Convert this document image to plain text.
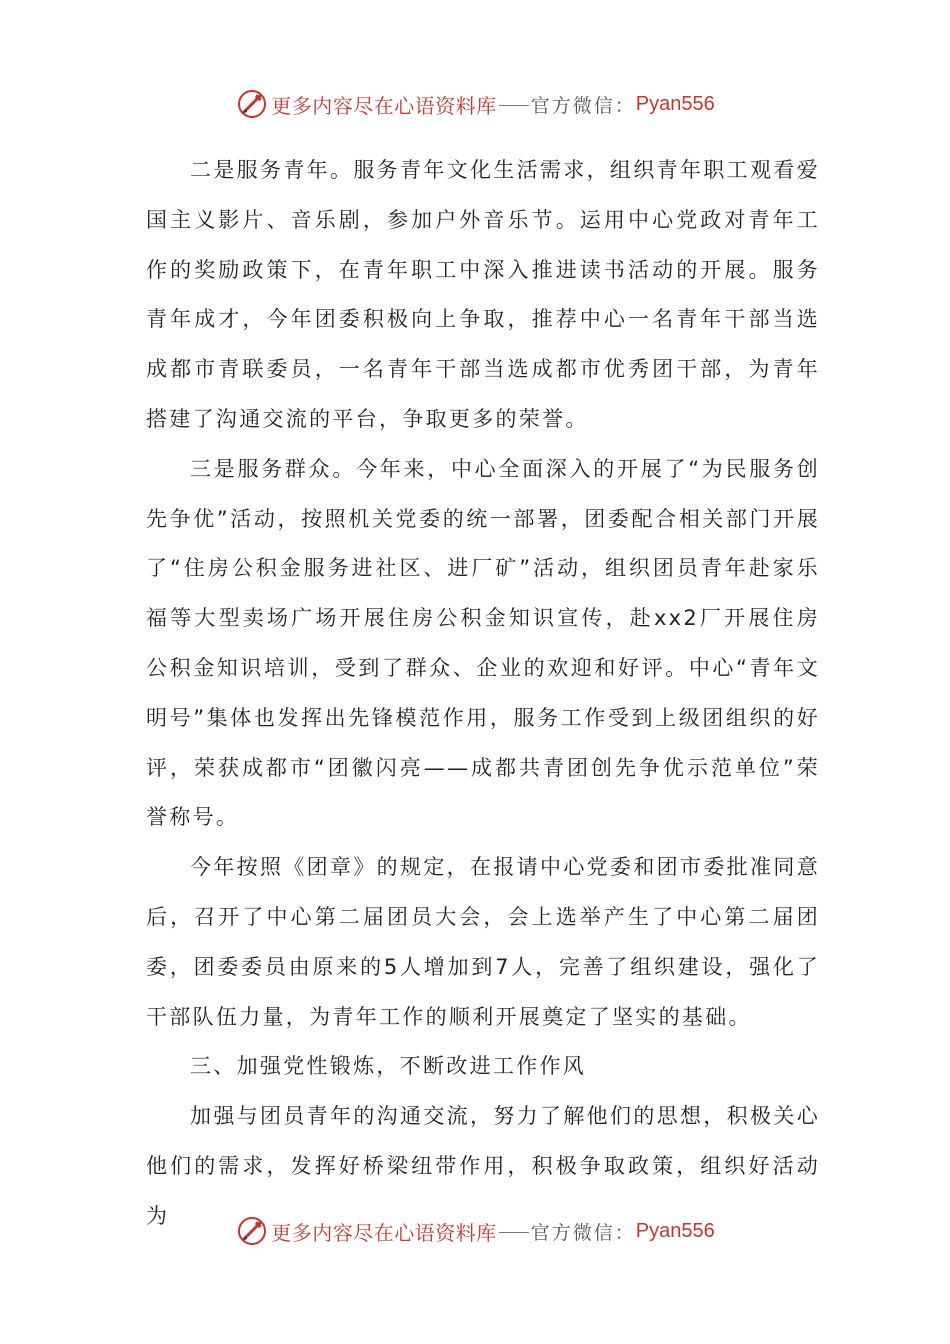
更多内容尽在心语资料库 官方微信： Pyan556

二是服务青年。服务青年文化生活需求，组织青年职工观看爱国主义影片、音乐剧，参加户外音乐节。运用中心党政对青年工作的奖励政策下，在青年职工中深入推进读书活动的开展。服务青年成才，今年团委积极向上争取，推荐中心一名青年干部当选成都市青联委员，一名青年干部当选成都市优秀团干部，为青年搭建了沟通交流的平台，争取更多的荣誉。

三是服务群众。今年来，中心全面深入的开展了“为民服务创先争优”活动，按照机关党委的统一部署，团委配合相关部门开展了“住房公积金服务进社区、进厂矿”活动，组织团员青年赴家乐福等大型卖场广场开展住房公积金知识宣传，赴xx2厂开展住房公积金知识培训，受到了群众、企业的欢迎和好评。中心“青年文明号”集体也发挥出先锋模范作用，服务工作受到上级团组织的好评，荣获成都市“团徽闪亮——成都共青团创先争优示范单位”荣誉称号。

今年按照《团章》的规定，在报请中心党委和团市委批准同意后，召开了中心第二届团员大会，会上选举产生了中心第二届团委，团委委员由原来的5人增加到7人，完善了组织建设，强化了干部队伍力量，为青年工作的顺利开展奠定了坚实的基础。

三、加强党性锻炼，不断改进工作作风

加强与团员青年的沟通交流，努力了解他们的思想，积极关心他们的需求，发挥好桥梁纽带作用，积极争取政策，组织好活动为

更多内容尽在心语资料库 官方微信： Pyan556
